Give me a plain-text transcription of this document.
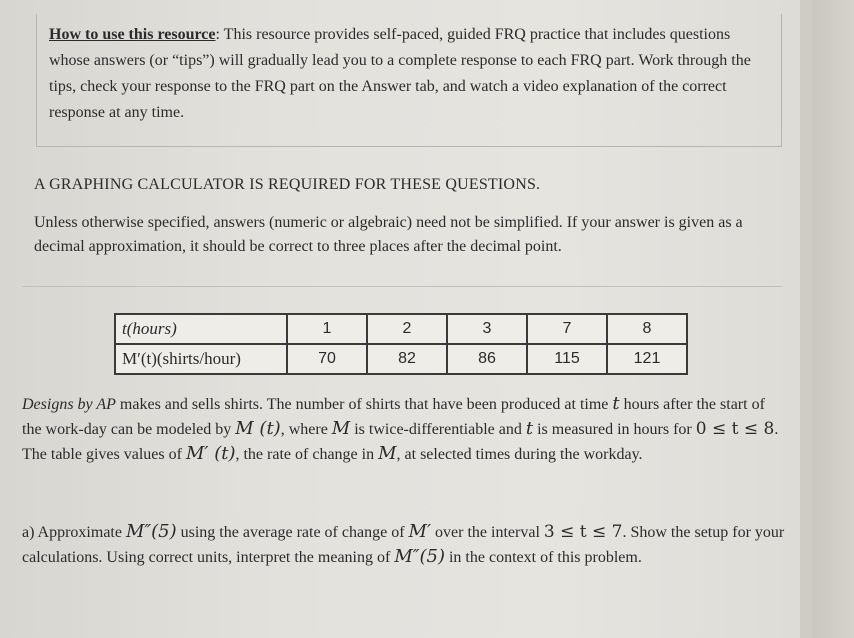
How to use this resource: This resource provides self-paced, guided FRQ practice that includes questions whose answers (or “tips”) will gradually lead you to a complete response to each FRQ part. Work through the tips, check your response to the FRQ part on the Answer tab, and watch a video explanation of the correct response at any time.
A GRAPHING CALCULATOR IS REQUIRED FOR THESE QUESTIONS.
Unless otherwise specified, answers (numeric or algebraic) need not be simplified. If your answer is given as a decimal approximation, it should be correct to three places after the decimal point.
t(hours)	1	2	3	7	8
M′(t)(shirts/hour)	70	82	86	115	121
Designs by AP makes and sells shirts. The number of shirts that have been produced at time t hours after the start of the work-day can be modeled by M (t), where M is twice-differentiable and t is measured in hours for 0 ≤ t ≤ 8. The table gives values of M′ (t), the rate of change in M, at selected times during the workday.
a) Approximate M″(5) using the average rate of change of M′ over the interval 3 ≤ t ≤ 7. Show the setup for your calculations. Using correct units, interpret the meaning of M″(5) in the context of this problem.
